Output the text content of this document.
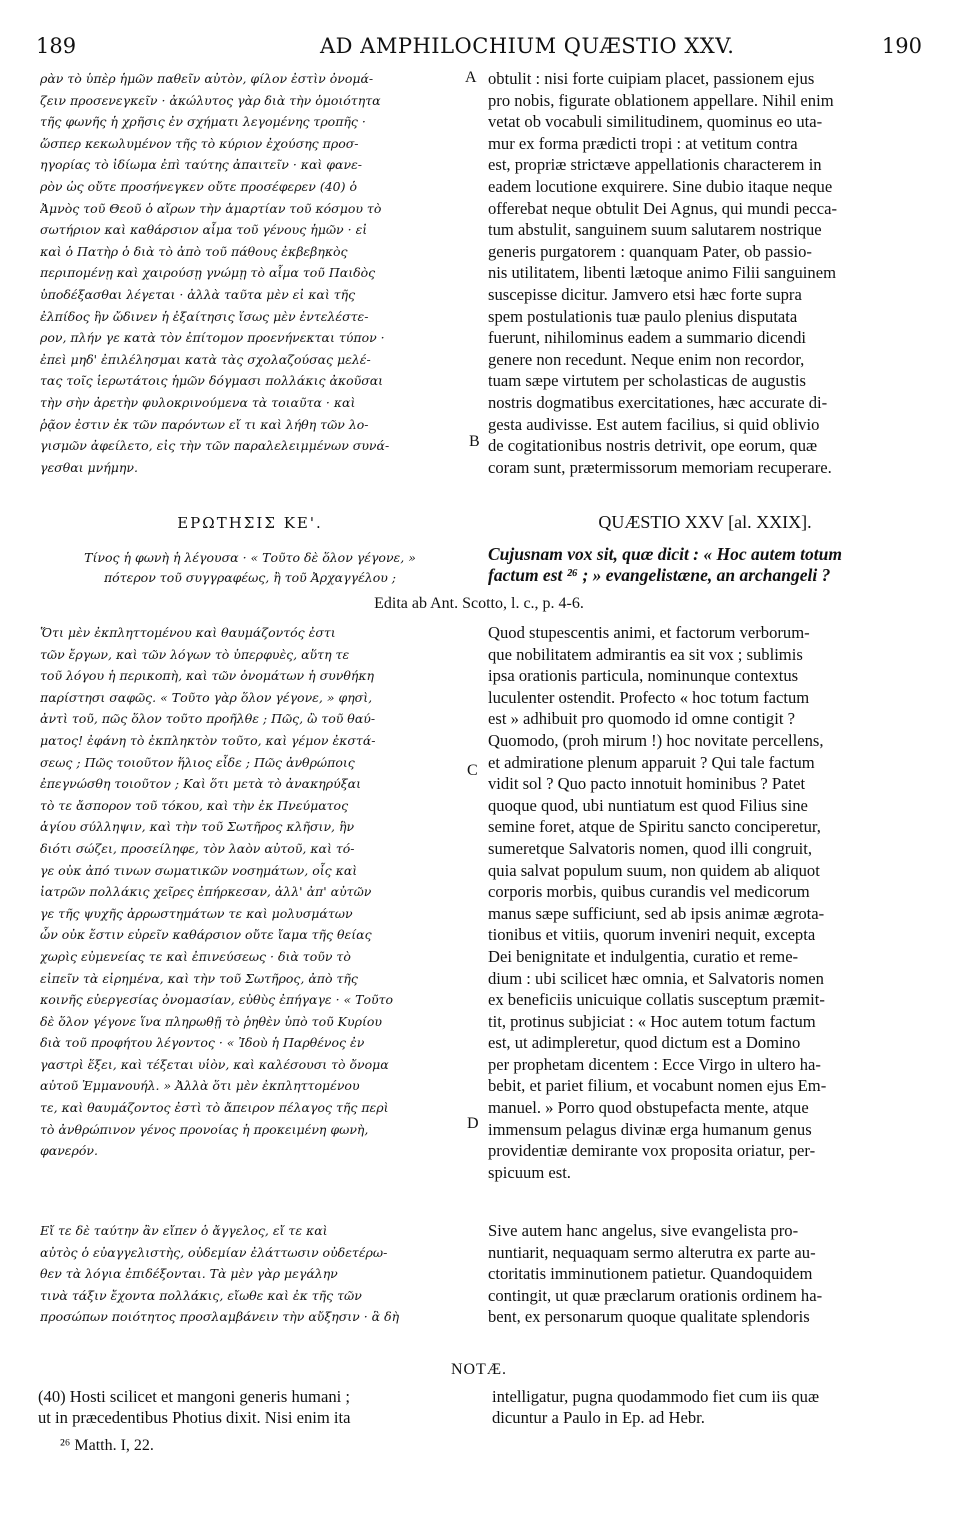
189	AD AMPHILOCHIUM QUÆSTIO XXV.	190
ρὰν τὸ ὑπὲρ ἡμῶν παθεῖν αὐτὸν, φίλον ἐστὶν ὀνομά-
ζειν προσενεγκεῖν · ἀκώλυτος γὰρ διὰ τὴν ὁμοιότητα
τῆς φωνῆς ἡ χρῆσις ἐν σχήματι λεγομένης τροπῆς ·
ὥσπερ κεκωλυμένον τῆς τὸ κύριον ἐχούσης προσ-
ηγορίας τὸ ἰδίωμα ἐπὶ ταύτης ἀπαιτεῖν · καὶ φανε-
ρὸν ὡς οὔτε προσήνεγκεν οὔτε προσέφερεν (40) ὁ
Ἀμνὸς τοῦ Θεοῦ ὁ αἴρων τὴν ἁμαρτίαν τοῦ κόσμου τὸ
σωτήριον καὶ καθάρσιον αἷμα τοῦ γένους ἡμῶν · εἰ
καὶ ὁ Πατὴρ ὁ διὰ τὸ ἀπὸ τοῦ πάθους ἐκβεβηκὸς
περιπομένῃ καὶ χαιρούσῃ γνώμῃ τὸ αἷμα τοῦ Παιδὸς
ὑποδέξασθαι λέγεται · ἀλλὰ ταῦτα μὲν εἰ καὶ τῆς
ἐλπίδος ἣν ὤδινεν ἡ ἐξαίτησις ἴσως μὲν ἐντελέστε-
ρον, πλήν γε κατὰ τὸν ἐπίτομον προενήνεκται τύπον ·
ἐπεὶ μηδ' ἐπιλέλησμαι κατὰ τὰς σχολαζούσας μελέ-
τας τοῖς ἱερωτάτοις ἡμῶν δόγμασι πολλάκις ἀκοῦσαι
τὴν σὴν ἀρετὴν φυλοκρινούμενα τὰ τοιαῦτα · καὶ
ῥᾷον ἐστιν ἐκ τῶν παρόντων εἴ τι καὶ λήθη τῶν λο-
γισμῶν ἀφείλετο, εἰς τὴν τῶν παραλελειμμένων συνά-
γεσθαι μνήμην.
obtulit : nisi forte cuipiam placet, passionem ejus
pro nobis, figurate oblationem appellare. Nihil enim
vetat ob vocabuli similitudinem, quominus eo uta-
mur ex forma prædicti tropi : at vetitum contra
est, propriæ strictæve appellationis characterem in
eadem locutione exquirere. Sine dubio itaque neque
offerebat neque obtulit Dei Agnus, qui mundi pecca-
tum abstulit, sanguinem suum salutarem nostrique
generis purgatorem : quanquam Pater, ob passio-
nis utilitatem, libenti lætoque animo Filii sanguinem
suscepisse dicitur. Jamvero etsi hæc forte supra
spem postulationis tuæ paulo plenius disputata
fuerunt, nihilominus eadem a summario dicendi
genere non recedunt. Neque enim non recordor,
tuam sæpe virtutem per scholasticas de augustis
nostris dogmatibus exercitationes, hæc accurate di-
gesta audivisse. Est autem facilius, si quid oblivio
de cogitationibus nostris detrivit, ope eorum, quæ
coram sunt, prætermissorum memoriam recuperare.
A
B
ΕΡΩΤΗΣΙΣ ΚΕ'.	QUÆSTIO XXV [al. XXIX].
Τίνος ἡ φωνὴ ἡ λέγουσα · « Τοῦτο δὲ ὅλον γέγονε, »
πότερον τοῦ συγγραφέως, ἢ τοῦ Ἀρχαγγέλου ;
Cujusnam vox sit, quæ dicit : « Hoc autem totum
factum est ²⁶ ; » evangelistæne, an archangeli ?
Edita ab Ant. Scotto, l. c., p. 4-6.
Ὅτι μὲν ἐκπληττομένου καὶ θαυμάζοντός ἐστι
τῶν ἔργων, καὶ τῶν λόγων τὸ ὑπερφυὲς, αὕτη τε
τοῦ λόγου ἡ περικοπὴ, καὶ τῶν ὀνομάτων ἡ συνθήκη
παρίστησι σαφῶς. « Τοῦτο γὰρ ὅλον γέγονε, » φησὶ,
ἀντὶ τοῦ, πῶς ὅλον τοῦτο προῆλθε ; Πῶς, ὢ τοῦ θαύ-
ματος! ἐφάνη τὸ ἐκπληκτὸν τοῦτο, καὶ γέμον ἐκστά-
σεως ; Πῶς τοιοῦτον ἥλιος εἶδε ; Πῶς ἀνθρώποις
ἐπεγνώσθη τοιοῦτον ; Καὶ ὅτι μετὰ τὸ ἀνακηρύξαι
τὸ τε ἄσπορον τοῦ τόκου, καὶ τὴν ἐκ Πνεύματος
ἁγίου σύλληψιν, καὶ τὴν τοῦ Σωτῆρος κλῆσιν, ἣν
διότι σώζει, προσείληφε, τὸν λαὸν αὐτοῦ, καὶ τό-
γε οὐκ ἀπό τινων σωματικῶν νοσημάτων, οἷς καὶ
ἰατρῶν πολλάκις χεῖρες ἐπήρκεσαν, ἀλλ' ἀπ' αὐτῶν
γε τῆς ψυχῆς ἀρρωστημάτων τε καὶ μολυσμάτων
ὧν οὐκ ἔστιν εὑρεῖν καθάρσιον οὔτε ἴαμα τῆς θείας
χωρὶς εὐμενείας τε καὶ ἐπινεύσεως · διὰ τοῦν τὸ
εἰπεῖν τὰ εἰρημένα, καὶ τὴν τοῦ Σωτῆρος, ἀπὸ τῆς
κοινῆς εὐεργεσίας ὀνομασίαν, εὐθὺς ἐπήγαγε · « Τοῦτο
δὲ ὅλον γέγονε ἵνα πληρωθῇ τὸ ῥηθὲν ὑπὸ τοῦ Κυρίου
διὰ τοῦ προφήτου λέγοντος · « Ἰδοὺ ἡ Παρθένος ἐν
γαστρὶ ἕξει, καὶ τέξεται υἱὸν, καὶ καλέσουσι τὸ ὄνομα
αὐτοῦ Ἐμμανουήλ. » Ἀλλὰ ὅτι μὲν ἐκπληττομένου
τε, καὶ θαυμάζοντος ἐστὶ τὸ ἄπειρον πέλαγος τῆς περὶ
τὸ ἀνθρώπινον γένος προνοίας ἡ προκειμένη φωνὴ,
φανερόν.
Quod stupescentis animi, et factorum verborum-
que nobilitatem admirantis ea sit vox ; sublimis
ipsa orationis particula, nominunque contextus
luculenter ostendit. Profecto « hoc totum factum
est » adhibuit pro quomodo id omne contigit ?
Quomodo, (proh mirum !) hoc novitate percellens,
et admiratione plenum apparuit ? Qui tale factum
vidit sol ? Quo pacto innotuit hominibus ? Patet
quoque quod, ubi nuntiatum est quod Filius sine
semine foret, atque de Spiritu sancto conciperetur,
sumeretque Salvatoris nomen, quod illi congruit,
quia salvat populum suum, non quidem ab aliquot
corporis morbis, quibus curandis vel medicorum
manus sæpe sufficiunt, sed ab ipsis animæ ægrota-
tionibus et vitiis, quorum inveniri nequit, excepta
Dei benignitate et indulgentia, curatio et reme-
dium : ubi scilicet hæc omnia, et Salvatoris nomen
ex beneficiis unicuique collatis susceptum præmit-
tit, protinus subjiciat : « Hoc autem totum factum
est, ut adimpleretur, quod dictum est a Domino
per prophetam dicentem : Ecce Virgo in ultero ha-
bebit, et pariet filium, et vocabunt nomen ejus Em-
manuel. » Porro quod obstupefacta mente, atque
immensum pelagus divinæ erga humanum genus
providentiæ demirante vox proposita oriatur, per-
spicuum est.
C
D
Εἴ τε δὲ ταύτην ἂν εἴπεν ὁ ἄγγελος, εἴ τε καὶ
αὐτὸς ὁ εὐαγγελιστὴς, οὐδεμίαν ἐλάττωσιν οὐδετέρω-
θεν τὰ λόγια ἐπιδέξονται. Τὰ μὲν γὰρ μεγάλην
τινὰ τάξιν ἔχοντα πολλάκις, εἴωθε καὶ ἐκ τῆς τῶν
προσώπων ποιότητος προσλαμβάνειν τὴν αὔξησιν · ἃ δὴ
Sive autem hanc angelus, sive evangelista pro-
nuntiarit, nequaquam sermo alterutra ex parte au-
ctoritatis imminutionem patietur. Quandoquidem
contingit, ut quæ præclarum orationis ordinem ha-
bent, ex personarum quoque qualitate splendoris
NOTÆ.
(40) Hosti scilicet et mangoni generis humani ;
ut in præcedentibus Photius dixit. Nisi enim ita
intelligatur, pugna quodammodo fiet cum iis quæ
dicuntur a Paulo in Ep. ad Hebr.
²⁶ Matth. I, 22.
